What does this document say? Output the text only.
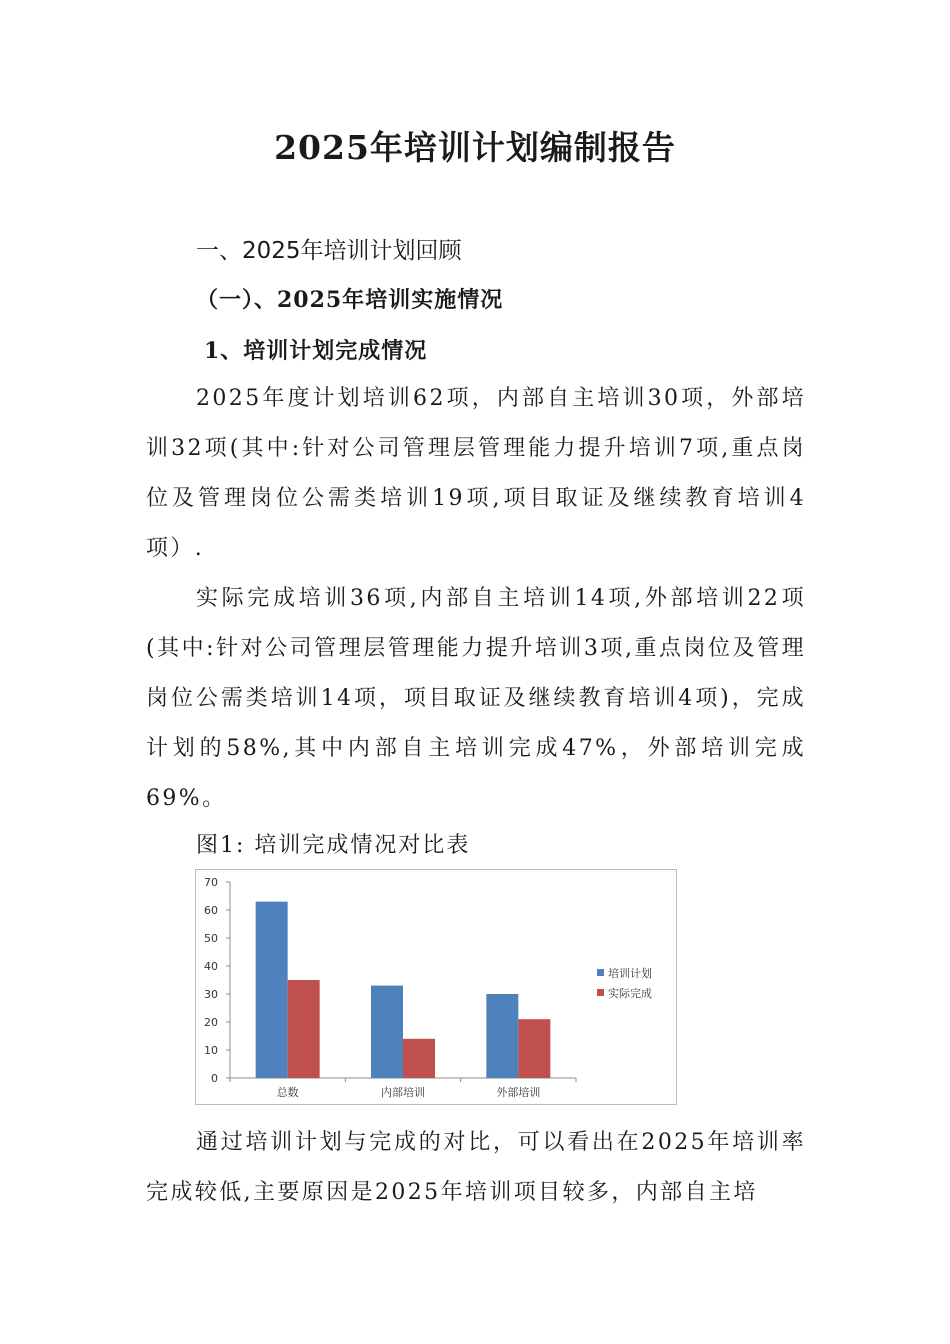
2025年培训计划编制报告
一、2025年培训计划回顾
（一）、2025年培训实施情况
1、培训计划完成情况
2025年度计划培训62项，内部自主培训30项，外部培训32项(其中:针对公司管理层管理能力提升培训7项,重点岗位及管理岗位公需类培训19项,项目取证及继续教育培训4项）.
实际完成培训36项,内部自主培训14项,外部培训22项(其中:针对公司管理层管理能力提升培训3项,重点岗位及管理岗位公需类培训14项，项目取证及继续教育培训4项)，完成计划的58%,其中内部自主培训完成47%，外部培训完成69%。
图1: 培训完成情况对比表
0
10
20
30
40
50
60
70
总数	内部培训	外部培训
培训计划
实际完成
通过培训计划与完成的对比，可以看出在2025年培训率完成较低,主要原因是2025年培训项目较多，内部自主培
